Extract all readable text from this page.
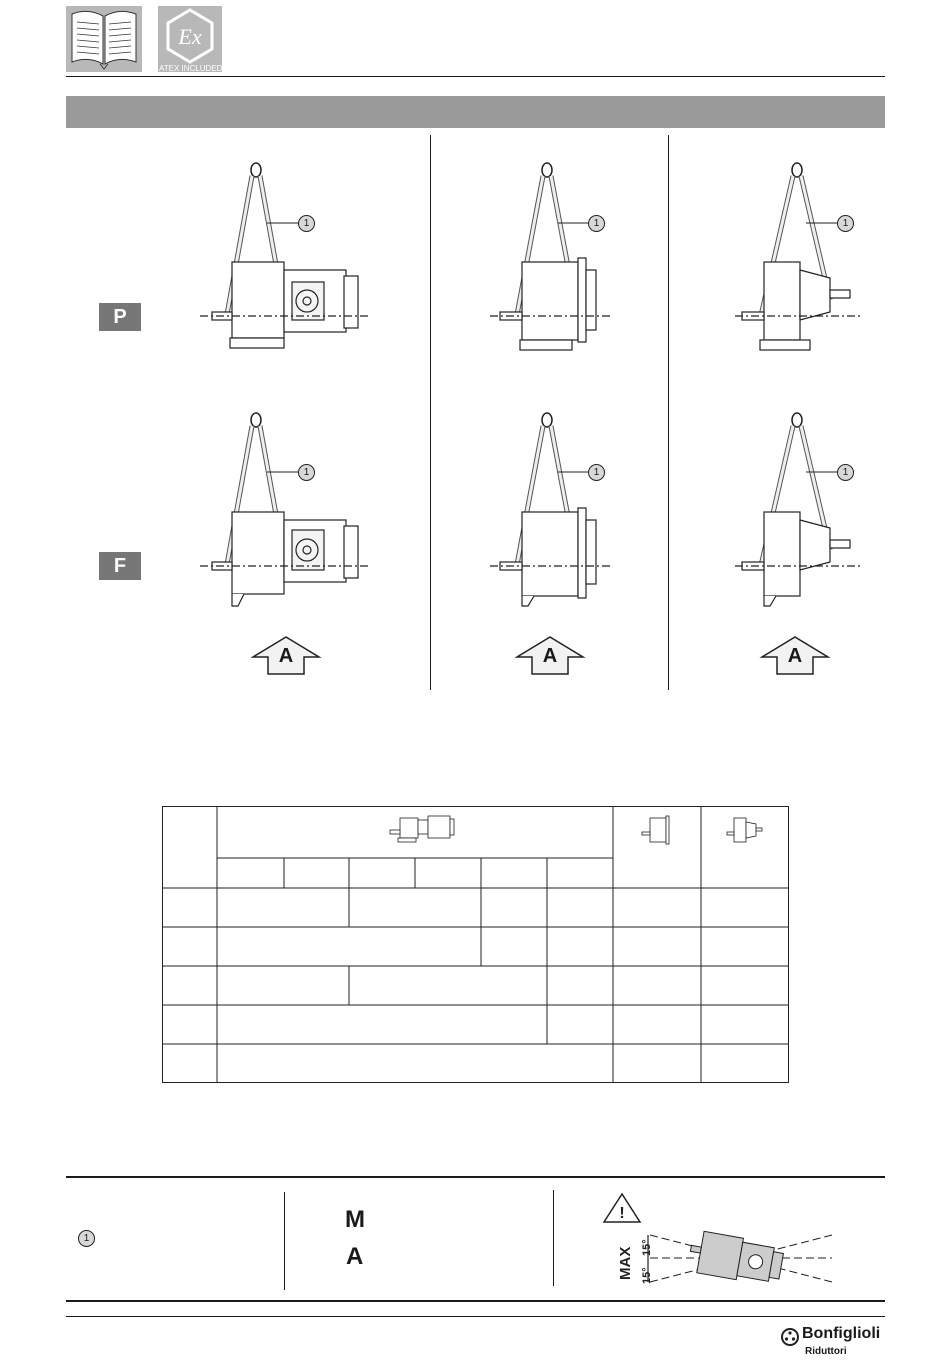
Ex
ATEX INCLUDED
P
F
1	1	1
1	1	1
A	A	A
1
M
A
!
MAX 15°
15°
Bonfiglioli
Riduttori
